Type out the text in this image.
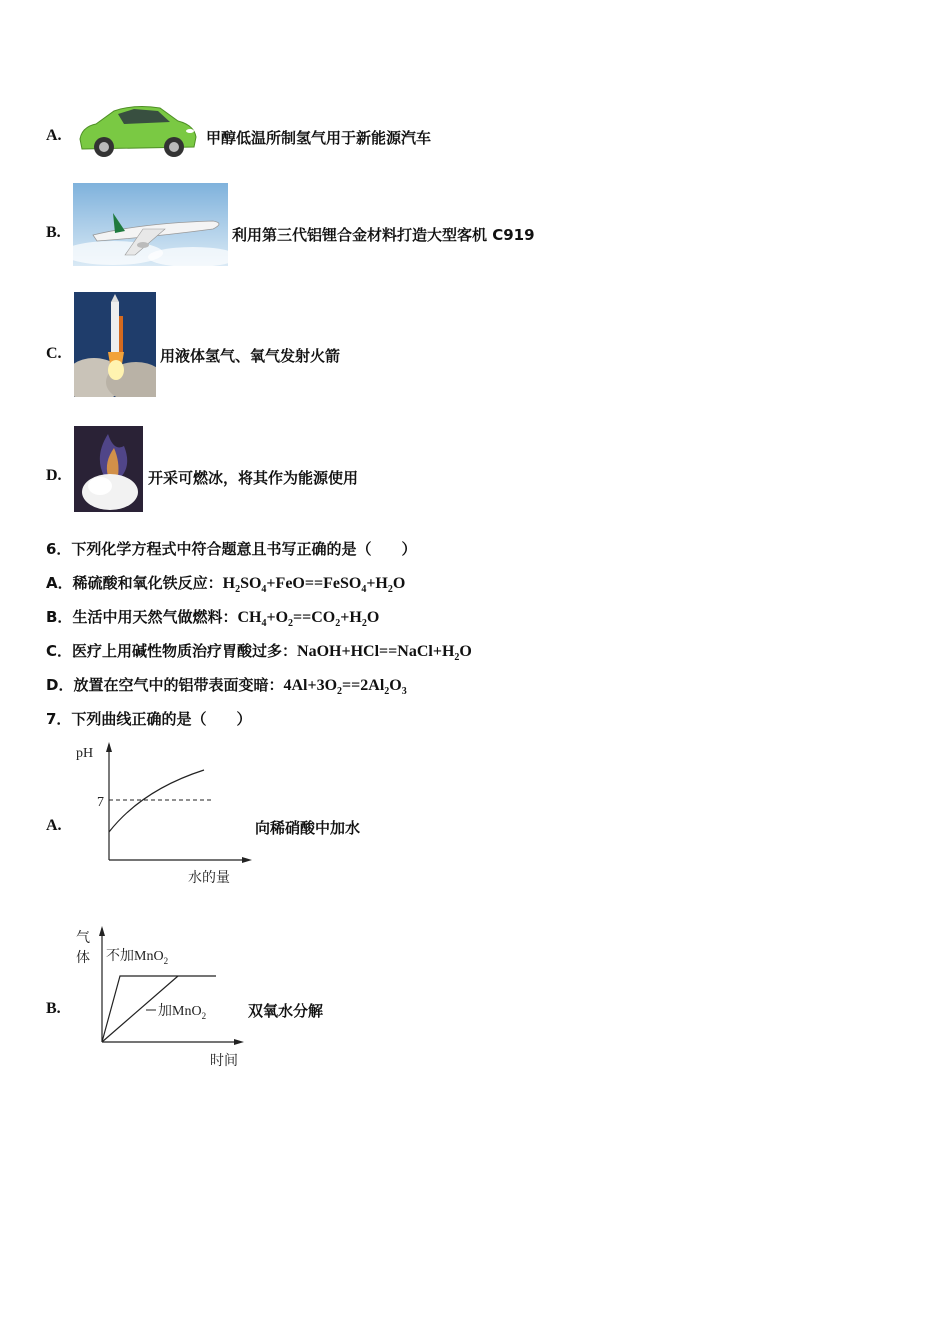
A.	甲醇低温所制氢气用于新能源汽车
B.	利用第三代铝锂合金材料打造大型客机 C919
C.	用液体氢气、氧气发射火箭
D.	开采可燃冰，将其作为能源使用
6．下列化学方程式中符合题意且书写正确的是（　　）
A．稀硫酸和氧化铁反应：$H_2SO_4+FeO==FeSO_4+H_2O$
B．生活中用天然气做燃料：$CH_4+O_2==CO_2+H_2O$
C．医疗上用碱性物质治疗胃酸过多：$NaOH+HCl==NaCl+H_2O$
D．放置在空气中的铝带表面变暗：$4Al+3O_2==2Al_2O_3$
7．下列曲线正确的是（　　）
A.
pH
7
水的量
向稀硝酸中加水
B.
气
体 不加MnO$_2$
加MnO$_2$
时间
双氧水分解
